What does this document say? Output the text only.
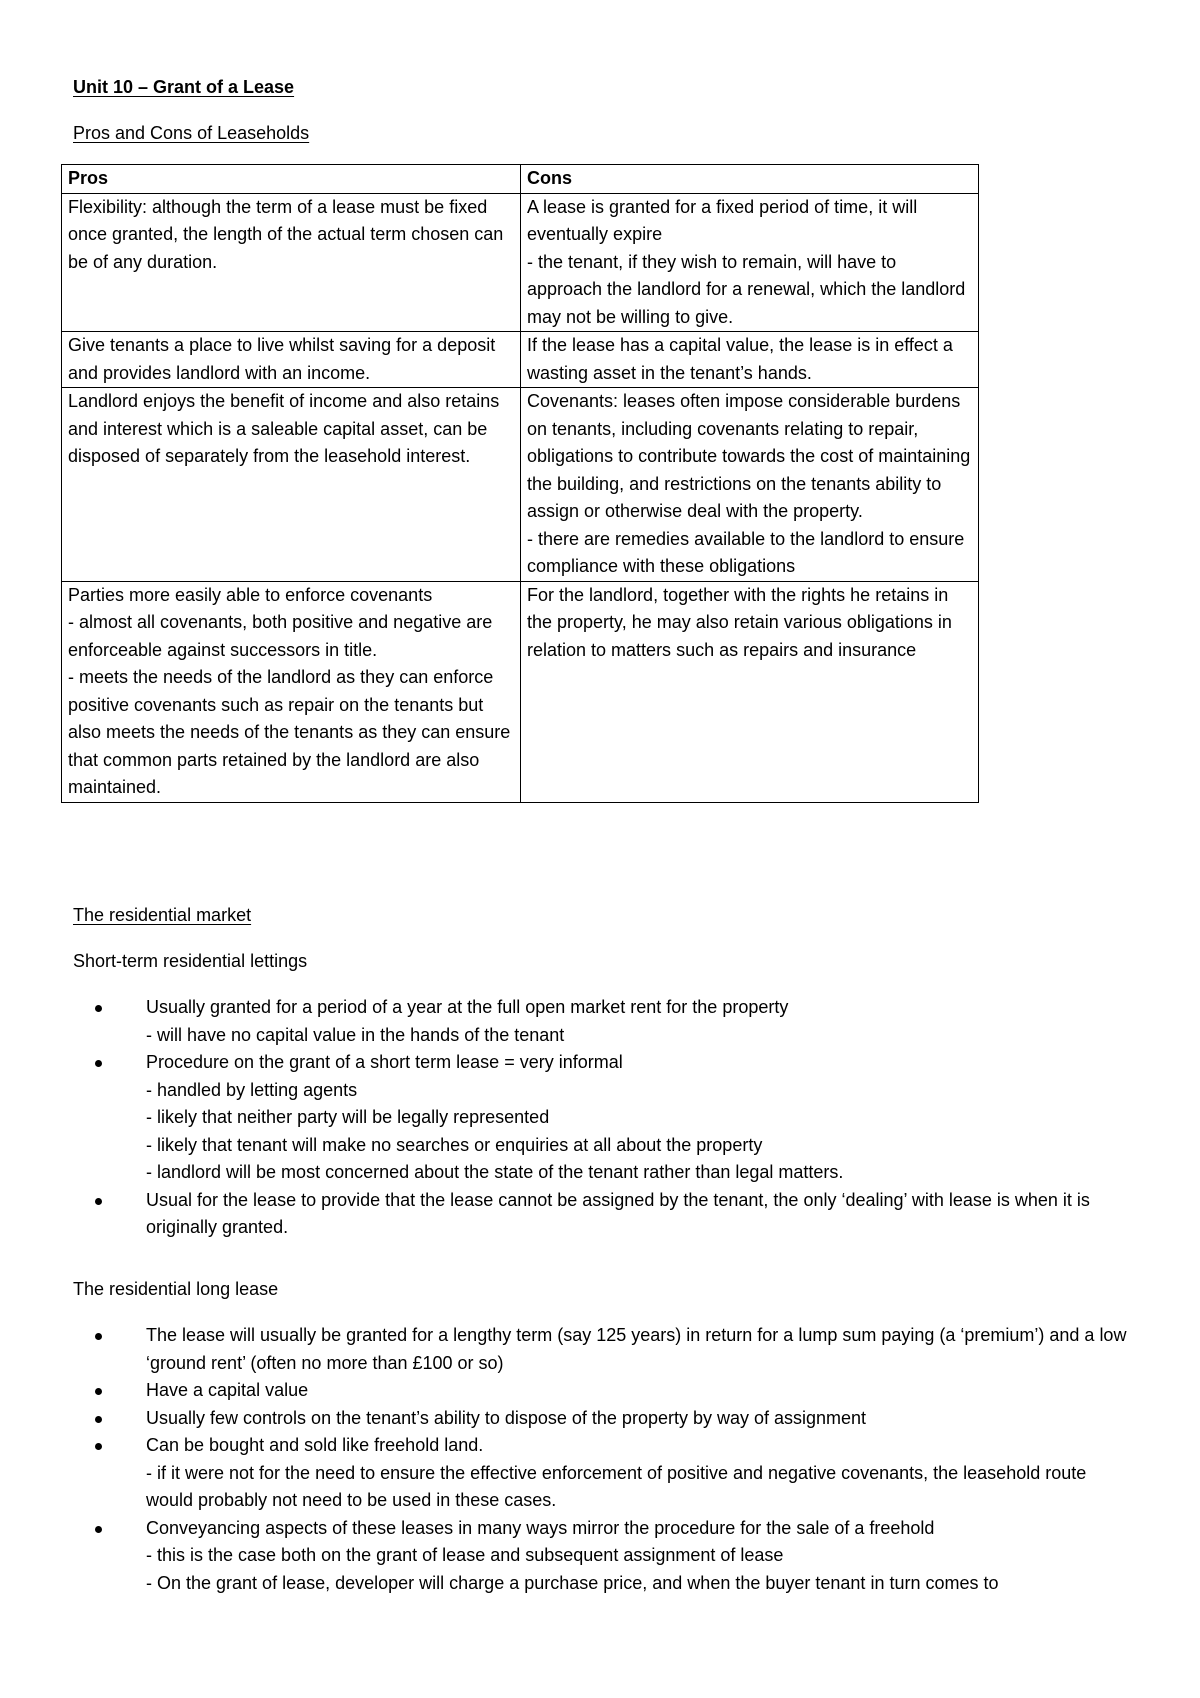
Unit 10 – Grant of a Lease
Pros and Cons of Leaseholds
Pros	Cons

Flexibility: although the term of a lease must be fixed once granted, the length of the actual term chosen can be of any duration.	A lease is granted for a fixed period of time, it will eventually expire
- the tenant, if they wish to remain, will have to approach the landlord for a renewal, which the landlord may not be willing to give.

Give tenants a place to live whilst saving for a deposit and provides landlord with an income.	If the lease has a capital value, the lease is in effect a wasting asset in the tenant’s hands.

Landlord enjoys the benefit of income and also retains and interest which is a saleable capital asset, can be disposed of separately from the leasehold interest.	Covenants: leases often impose considerable burdens on tenants, including covenants relating to repair, obligations to contribute towards the cost of maintaining the building, and restrictions on the tenants ability to assign or otherwise deal with the property.
- there are remedies available to the landlord to ensure compliance with these obligations

Parties more easily able to enforce covenants
- almost all covenants, both positive and negative are enforceable against successors in title.
- meets the needs of the landlord as they can enforce positive covenants such as repair on the tenants but also meets the needs of the tenants as they can ensure that common parts retained by the landlord are also maintained.	For the landlord, together with the rights he retains in the property, he may also retain various obligations in relation to matters such as repairs and insurance
The residential market
Short-term residential lettings
Usually granted for a period of a year at the full open market rent for the property
- will have no capital value in the hands of the tenant
Procedure on the grant of a short term lease = very informal
- handled by letting agents
- likely that neither party will be legally represented
- likely that tenant will make no searches or enquiries at all about the property
- landlord will be most concerned about the state of the tenant rather than legal matters.
Usual for the lease to provide that the lease cannot be assigned by the tenant, the only ‘dealing’ with lease is when it is originally granted.
The residential long lease
The lease will usually be granted for a lengthy term (say 125 years) in return for a lump sum paying (a ‘premium’) and a low ‘ground rent’ (often no more than £100 or so)
Have a capital value
Usually few controls on the tenant’s ability to dispose of the property by way of assignment
Can be bought and sold like freehold land.
- if it were not for the need to ensure the effective enforcement of positive and negative covenants, the leasehold route would probably not need to be used in these cases.
Conveyancing aspects of these leases in many ways mirror the procedure for the sale of a freehold
- this is the case both on the grant of lease and subsequent assignment of lease
- On the grant of lease, developer will charge a purchase price, and when the buyer tenant in turn comes to
